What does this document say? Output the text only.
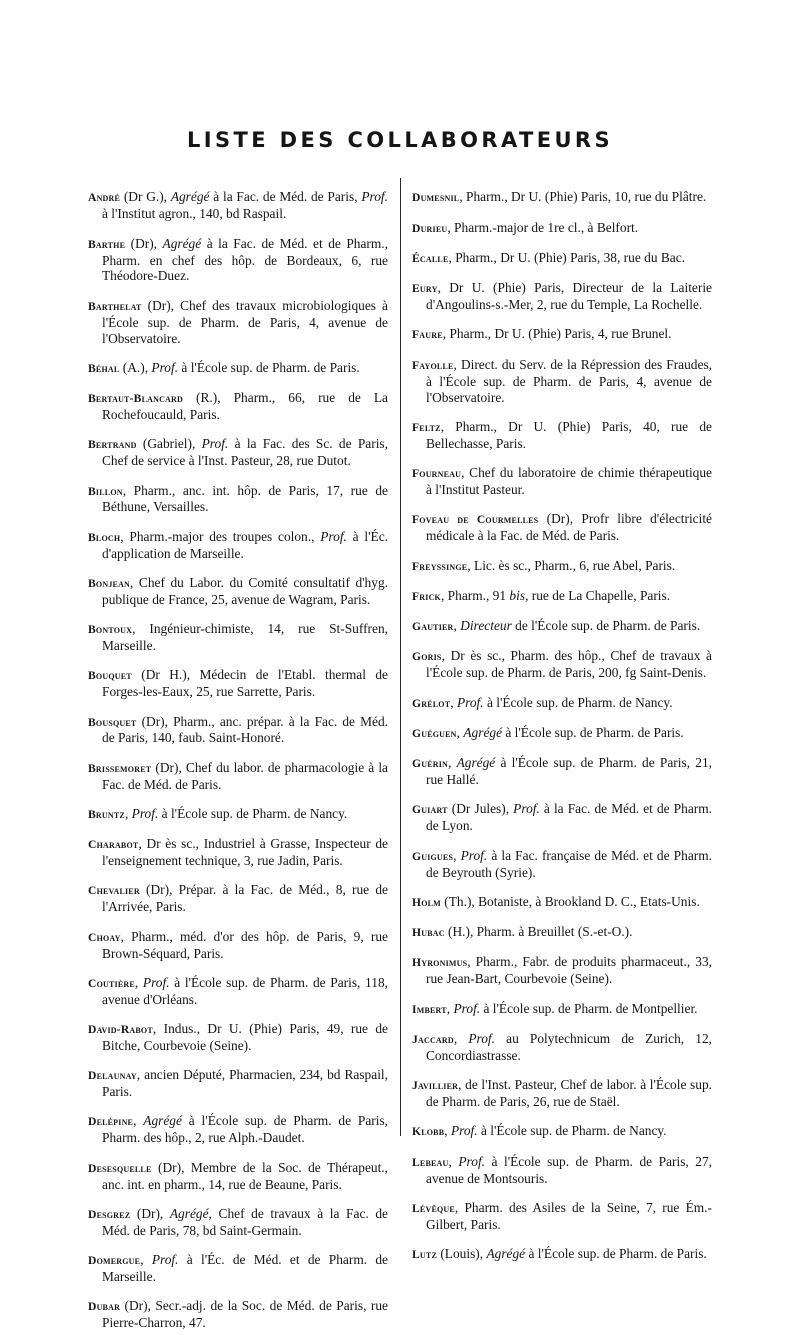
LISTE DES COLLABORATEURS

André (Dr G.), Agrégé à la Fac. de Méd. de Paris, Prof. à l'Institut agron., 140, bd Raspail.

Barthe (Dr), Agrégé à la Fac. de Méd. et de Pharm., Pharm. en chef des hôp. de Bordeaux, 6, rue Théodore-Duez.

Barthelat (Dr), Chef des travaux microbiologiques à l'École sup. de Pharm. de Paris, 4, avenue de l'Observatoire.

Béhal (A.), Prof. à l'École sup. de Pharm. de Paris.

Bertaut-Blancard (R.), Pharm., 66, rue de La Rochefoucauld, Paris.

Bertrand (Gabriel), Prof. à la Fac. des Sc. de Paris, Chef de service à l'Inst. Pasteur, 28, rue Dutot.

Billon, Pharm., anc. int. hôp. de Paris, 17, rue de Béthune, Versailles.

Bloch, Pharm.-major des troupes colon., Prof. à l'Éc. d'application de Marseille.

Bonjean, Chef du Labor. du Comité consultatif d'hyg. publique de France, 25, avenue de Wagram, Paris.

Bontoux, Ingénieur-chimiste, 14, rue St-Suffren, Marseille.

Bouquet (Dr H.), Médecin de l'Etabl. thermal de Forges-les-Eaux, 25, rue Sarrette, Paris.

Bousquet (Dr), Pharm., anc. prépar. à la Fac. de Méd. de Paris, 140, faub. Saint-Honoré.

Brissemoret (Dr), Chef du labor. de pharmacologie à la Fac. de Méd. de Paris.

Bruntz, Prof. à l'École sup. de Pharm. de Nancy.

Charabot, Dr ès sc., Industriel à Grasse, Inspecteur de l'enseignement technique, 3, rue Jadin, Paris.

Chevalier (Dr), Prépar. à la Fac. de Méd., 8, rue de l'Arrivée, Paris.

Choay, Pharm., méd. d'or des hôp. de Paris, 9, rue Brown-Séquard, Paris.

Coutière, Prof. à l'École sup. de Pharm. de Paris, 118, avenue d'Orléans.

David-Rabot, Indus., Dr U. (Phie) Paris, 49, rue de Bitche, Courbevoie (Seine).

Delaunay, ancien Député, Pharmacien, 234, bd Raspail, Paris.

Delépine, Agrégé à l'École sup. de Pharm. de Paris, Pharm. des hôp., 2, rue Alph.-Daudet.

Desesquelle (Dr), Membre de la Soc. de Thérapeut., anc. int. en pharm., 14, rue de Beaune, Paris.

Desgrez (Dr), Agrégé, Chef de travaux à la Fac. de Méd. de Paris, 78, bd Saint-Germain.

Domergue, Prof. à l'Éc. de Méd. et de Pharm. de Marseille.

Dubar (Dr), Secr.-adj. de la Soc. de Méd. de Paris, rue Pierre-Charron, 47.

Dumesnil, Pharm., Dr U. (Phie) Paris, 10, rue du Plâtre.

Durieu, Pharm.-major de 1re cl., à Belfort.

Écalle, Pharm., Dr U. (Phie) Paris, 38, rue du Bac.

Eury, Dr U. (Phie) Paris, Directeur de la Laiterie d'Angoulins-s.-Mer, 2, rue du Temple, La Rochelle.

Faure, Pharm., Dr U. (Phie) Paris, 4, rue Brunel.

Fayolle, Direct. du Serv. de la Répression des Fraudes, à l'École sup. de Pharm. de Paris, 4, avenue de l'Observatoire.

Feltz, Pharm., Dr U. (Phie) Paris, 40, rue de Bellechasse, Paris.

Fourneau, Chef du laboratoire de chimie thérapeutique à l'Institut Pasteur.

Foveau de Courmelles (Dr), Profr libre d'électricité médicale à la Fac. de Méd. de Paris.

Freyssinge, Lic. ès sc., Pharm., 6, rue Abel, Paris.

Frick, Pharm., 91 bis, rue de La Chapelle, Paris.

Gautier, Directeur de l'École sup. de Pharm. de Paris.

Goris, Dr ès sc., Pharm. des hôp., Chef de travaux à l'École sup. de Pharm. de Paris, 200, fg Saint-Denis.

Grélot, Prof. à l'École sup. de Pharm. de Nancy.

Guéguen, Agrégé à l'École sup. de Pharm. de Paris.

Guérin, Agrégé à l'École sup. de Pharm. de Paris, 21, rue Hallé.

Guiart (Dr Jules), Prof. à la Fac. de Méd. et de Pharm. de Lyon.

Guigues, Prof. à la Fac. française de Méd. et de Pharm. de Beyrouth (Syrie).

Holm (Th.), Botaniste, à Brookland D. C., Etats-Unis.

Hubac (H.), Pharm. à Breuillet (S.-et-O.).

Hyronimus, Pharm., Fabr. de produits pharmaceut., 33, rue Jean-Bart, Courbevoie (Seine).

Imbert, Prof. à l'École sup. de Pharm. de Montpellier.

Jaccard, Prof. au Polytechnicum de Zurich, 12, Concordiastrasse.

Javillier, de l'Inst. Pasteur, Chef de labor. à l'École sup. de Pharm. de Paris, 26, rue de Staël.

Klobb, Prof. à l'École sup. de Pharm. de Nancy.

Lebeau, Prof. à l'École sup. de Pharm. de Paris, 27, avenue de Montsouris.

Lévêque, Pharm. des Asiles de la Seine, 7, rue Ém.-Gilbert, Paris.

Lutz (Louis), Agrégé à l'École sup. de Pharm. de Paris.
